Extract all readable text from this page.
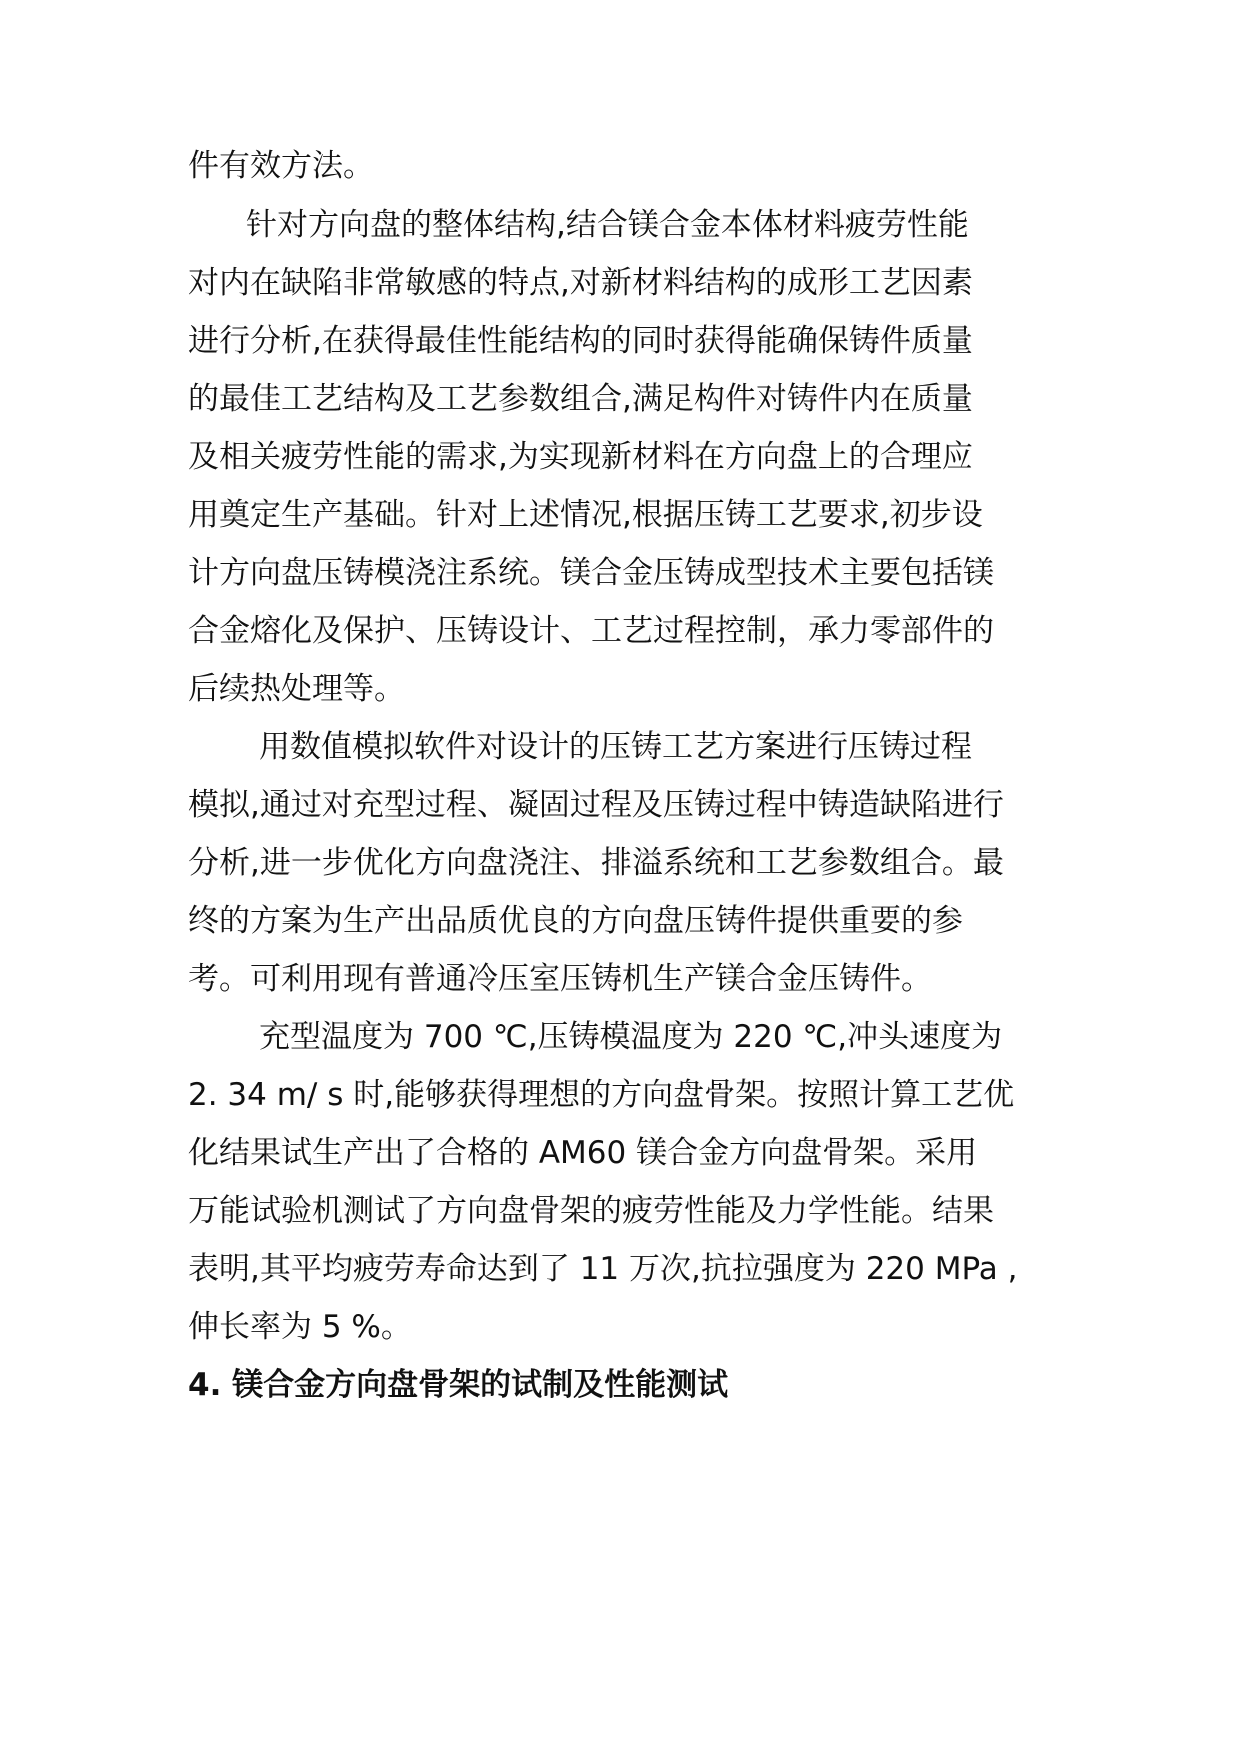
件有效方法。
针对方向盘的整体结构,结合镁合金本体材料疲劳性能
对内在缺陷非常敏感的特点,对新材料结构的成形工艺因素
进行分析,在获得最佳性能结构的同时获得能确保铸件质量
的最佳工艺结构及工艺参数组合,满足构件对铸件内在质量
及相关疲劳性能的需求,为实现新材料在方向盘上的合理应
用奠定生产基础。针对上述情况,根据压铸工艺要求,初步设
计方向盘压铸模浇注系统。镁合金压铸成型技术主要包括镁
合金熔化及保护、压铸设计、工艺过程控制，承力零部件的
后续热处理等。
用数值模拟软件对设计的压铸工艺方案进行压铸过程
模拟,通过对充型过程、凝固过程及压铸过程中铸造缺陷进行
分析,进一步优化方向盘浇注、排溢系统和工艺参数组合。最
终的方案为生产出品质优良的方向盘压铸件提供重要的参
考。可利用现有普通冷压室压铸机生产镁合金压铸件。
充型温度为 700 ℃,压铸模温度为 220 ℃,冲头速度为
2. 34 m/ s 时,能够获得理想的方向盘骨架。按照计算工艺优
化结果试生产出了合格的 AM60 镁合金方向盘骨架。采用
万能试验机测试了方向盘骨架的疲劳性能及力学性能。结果
表明,其平均疲劳寿命达到了 11 万次,抗拉强度为 220 MPa ,
伸长率为 5 %。
4. 镁合金方向盘骨架的试制及性能测试
